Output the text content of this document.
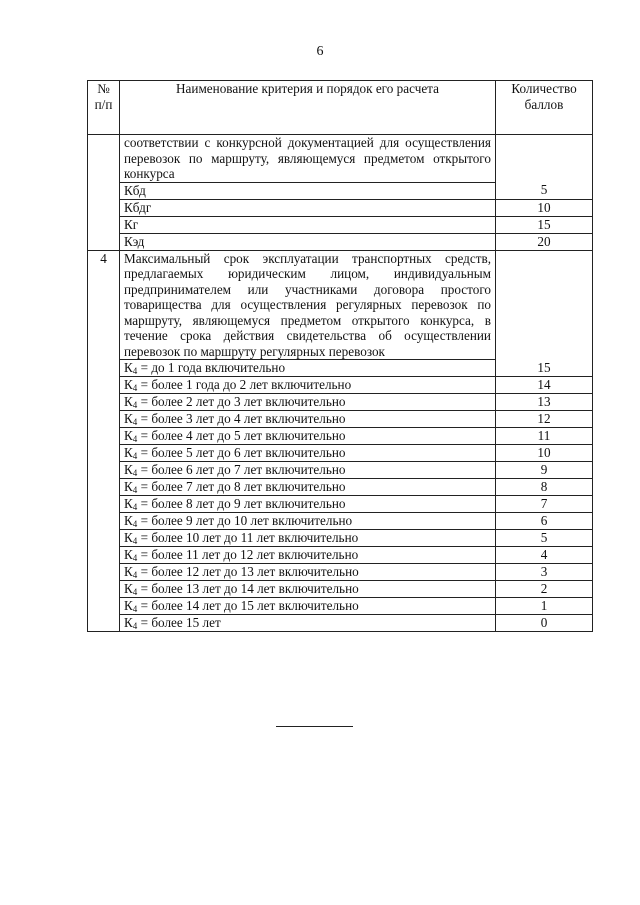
6
№ п/п	Наименование критерия и порядок его расчета	Количество баллов
	соответствии с конкурсной документацией для осуществления перевозок по маршруту, являющемуся предметом открытого конкурса	
	Кбд	5
	Кбдг	10
	Кг	15
	Кэд	20
4	Максимальный срок эксплуатации транспортных средств, предлагаемых юридическим лицом, индивидуальным предпринимателем или участниками договора простого товарищества для осуществления регулярных перевозок по маршруту, являющемуся предметом открытого конкурса, в течение срока действия свидетельства об осуществлении перевозок по маршруту регулярных перевозок	
	$К_4$ = до 1 года включительно	15
	$К_4$ = более 1 года до 2 лет включительно	14
	$К_4$ = более 2 лет до 3 лет включительно	13
	$К_4$ = более 3 лет до 4 лет включительно	12
	$К_4$ = более 4 лет до 5 лет включительно	11
	$К_4$ = более 5 лет до 6 лет включительно	10
	$К_4$ = более 6 лет до 7 лет включительно	9
	$К_4$ = более 7 лет до 8 лет включительно	8
	$К_4$ = более 8 лет до 9 лет включительно	7
	$К_4$ = более 9 лет до 10 лет включительно	6
	$К_4$ = более 10 лет до 11 лет включительно	5
	$К_4$ = более 11 лет до 12 лет включительно	4
	$К_4$ = более 12 лет до 13 лет включительно	3
	$К_4$ = более 13 лет до 14 лет включительно	2
	$К_4$ = более 14 лет до 15 лет включительно	1
	$К_4$ = более 15 лет	0
